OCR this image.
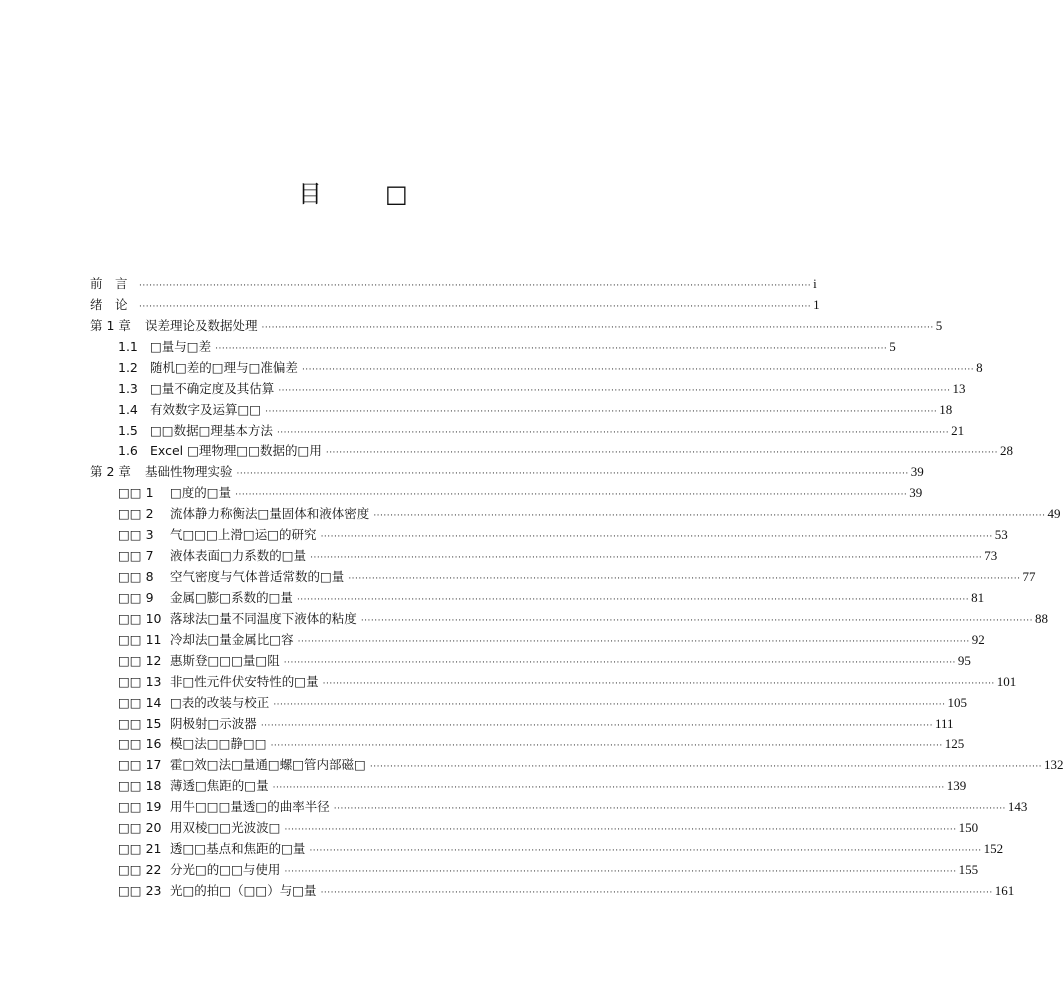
目	□
前　言	········································································································································································································ i
绪　论	········································································································································································································ 1
第 1 章	误差理论及数据处理 ········································································································································································································ 5
1.1 □量与□差 ········································································································································································································ 5
1.2 随机□差的□理与□准偏差 ········································································································································································································ 8
1.3 □量不确定度及其估算 ········································································································································································································ 13
1.4 有效数字及运算□□ ········································································································································································································ 18
1.5 □□数据□理基本方法 ········································································································································································································ 21
1.6 Excel □理物理□□数据的□用 ········································································································································································································ 28
第 2 章	基础性物理实验 ········································································································································································································ 39
□□ 1	□度的□量 ········································································································································································································ 39
□□ 2	流体静力称衡法□量固体和液体密度 ········································································································································································································ 49
□□ 3	气□□□上滑□运□的研究 ········································································································································································································ 53
□□ 7	液体表面□力系数的□量 ········································································································································································································ 73
□□ 8	空气密度与气体普适常数的□量 ········································································································································································································ 77
□□ 9	金属□膨□系数的□量 ········································································································································································································ 81
□□ 10 落球法□量不同温度下液体的粘度 ········································································································································································································ 88
□□ 11 冷却法□量金属比□容 ········································································································································································································ 92
□□ 12 惠斯登□□□量□阻 ········································································································································································································ 95
□□ 13 非□性元件伏安特性的□量 ········································································································································································································ 101
□□ 14 □表的改装与校正 ········································································································································································································ 105
□□ 15 阴极射□示波器 ········································································································································································································ 111
□□ 16 模□法□□静□□ ········································································································································································································ 125
□□ 17 霍□效□法□量通□螺□管内部磁□ ········································································································································································································ 132
□□ 18 薄透□焦距的□量 ········································································································································································································ 139
□□ 19 用牛□□□量透□的曲率半径 ········································································································································································································ 143
□□ 20 用双棱□□光波波□ ········································································································································································································ 150
□□ 21 透□□基点和焦距的□量 ········································································································································································································ 152
□□ 22 分光□的□□与使用 ········································································································································································································ 155
□□ 23 光□的拍□（□□）与□量 ········································································································································································································ 161
